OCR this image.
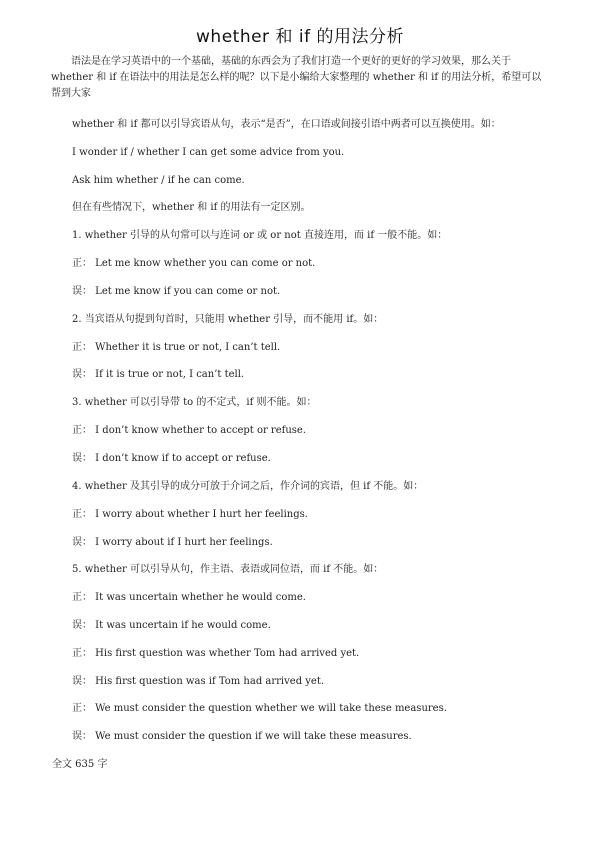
whether 和 if 的用法分析
语法是在学习英语中的一个基础，基础的东西会为了我们打造一个更好的更好的学习效果，那么关于whether 和 if 在语法中的用法是怎么样的呢？以下是小编给大家整理的 whether 和 if 的用法分析，希望可以帮到大家
whether 和 if 都可以引导宾语从句，表示“是否”，在口语或间接引语中两者可以互换使用。如：
I wonder if / whether I can get some advice from you.
Ask him whether / if he can come.
但在有些情况下，whether 和 if 的用法有一定区别。
1. whether 引导的从句常可以与连词 or 或 or not 直接连用，而 if 一般不能。如：
正： Let me know whether you can come or not.
误： Let me know if you can come or not.
2. 当宾语从句提到句首时，只能用 whether 引导，而不能用 if。如：
正： Whether it is true or not, I can’t tell.
误： If it is true or not, I can’t tell.
3. whether 可以引导带 to 的不定式，if 则不能。如：
正： I don’t know whether to accept or refuse.
误： I don’t know if to accept or refuse.
4. whether 及其引导的成分可放于介词之后，作介词的宾语，但 if 不能。如：
正： I worry about whether I hurt her feelings.
误： I worry about if I hurt her feelings.
5. whether 可以引导从句，作主语、表语或同位语，而 if 不能。如：
正： It was uncertain whether he would come.
误： It was uncertain if he would come.
正： His first question was whether Tom had arrived yet.
误： His first question was if Tom had arrived yet.
正： We must consider the question whether we will take these measures.
误： We must consider the question if we will take these measures.
全文 635 字
